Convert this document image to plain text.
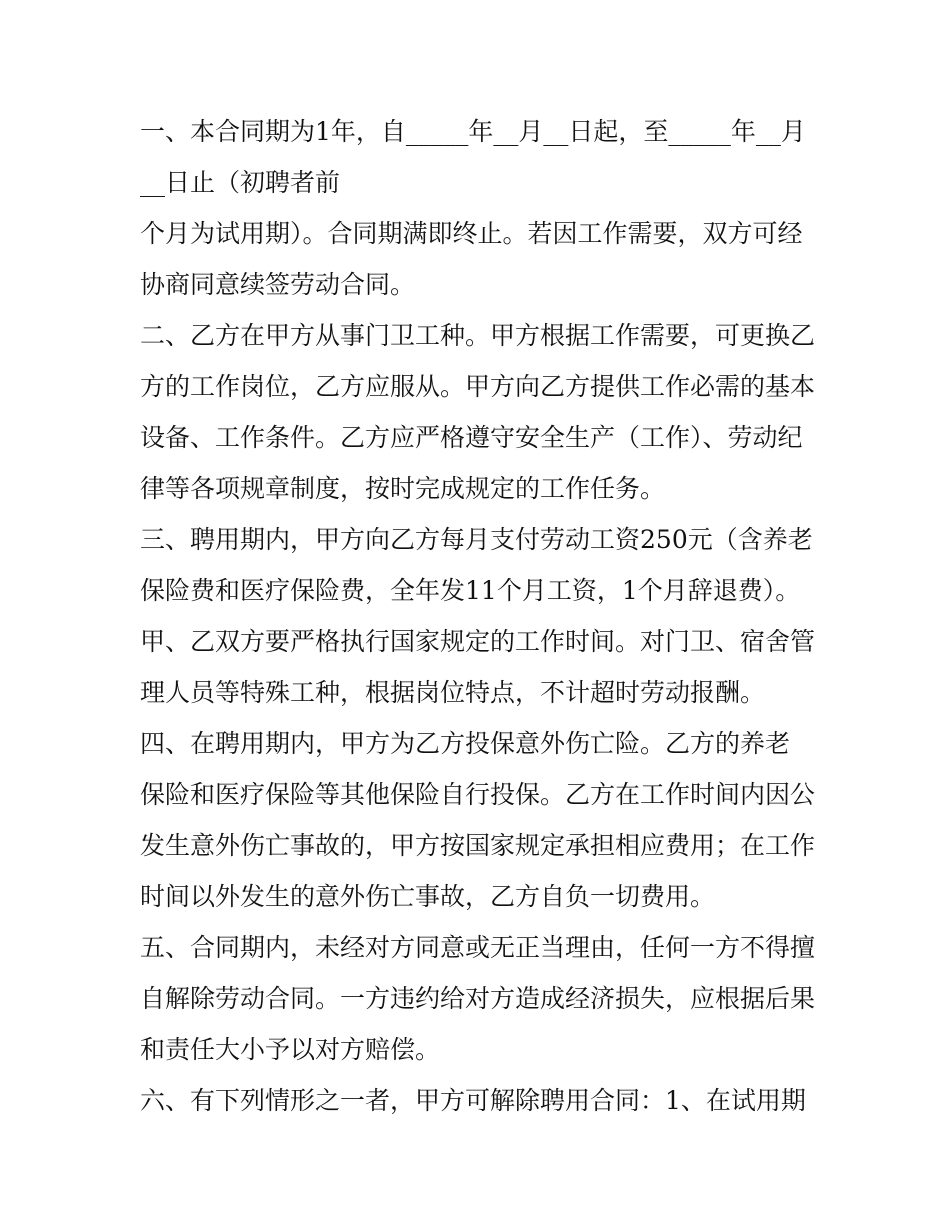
一、本合同期为1年，自_____年__月__日起，至_____年__月
__日止（初聘者前
个月为试用期）。合同期满即终止。若因工作需要，双方可经
协商同意续签劳动合同。
二、乙方在甲方从事门卫工种。甲方根据工作需要，可更换乙
方的工作岗位，乙方应服从。甲方向乙方提供工作必需的基本
设备、工作条件。乙方应严格遵守安全生产（工作）、劳动纪
律等各项规章制度，按时完成规定的工作任务。
三、聘用期内，甲方向乙方每月支付劳动工资250元（含养老
保险费和医疗保险费，全年发11个月工资，1个月辞退费）。
甲、乙双方要严格执行国家规定的工作时间。对门卫、宿舍管
理人员等特殊工种，根据岗位特点，不计超时劳动报酬。
四、在聘用期内，甲方为乙方投保意外伤亡险。乙方的养老
保险和医疗保险等其他保险自行投保。乙方在工作时间内因公
发生意外伤亡事故的，甲方按国家规定承担相应费用；在工作
时间以外发生的意外伤亡事故，乙方自负一切费用。
五、合同期内，未经对方同意或无正当理由，任何一方不得擅
自解除劳动合同。一方违约给对方造成经济损失，应根据后果
和责任大小予以对方赔偿。
六、有下列情形之一者，甲方可解除聘用合同：1、在试用期
